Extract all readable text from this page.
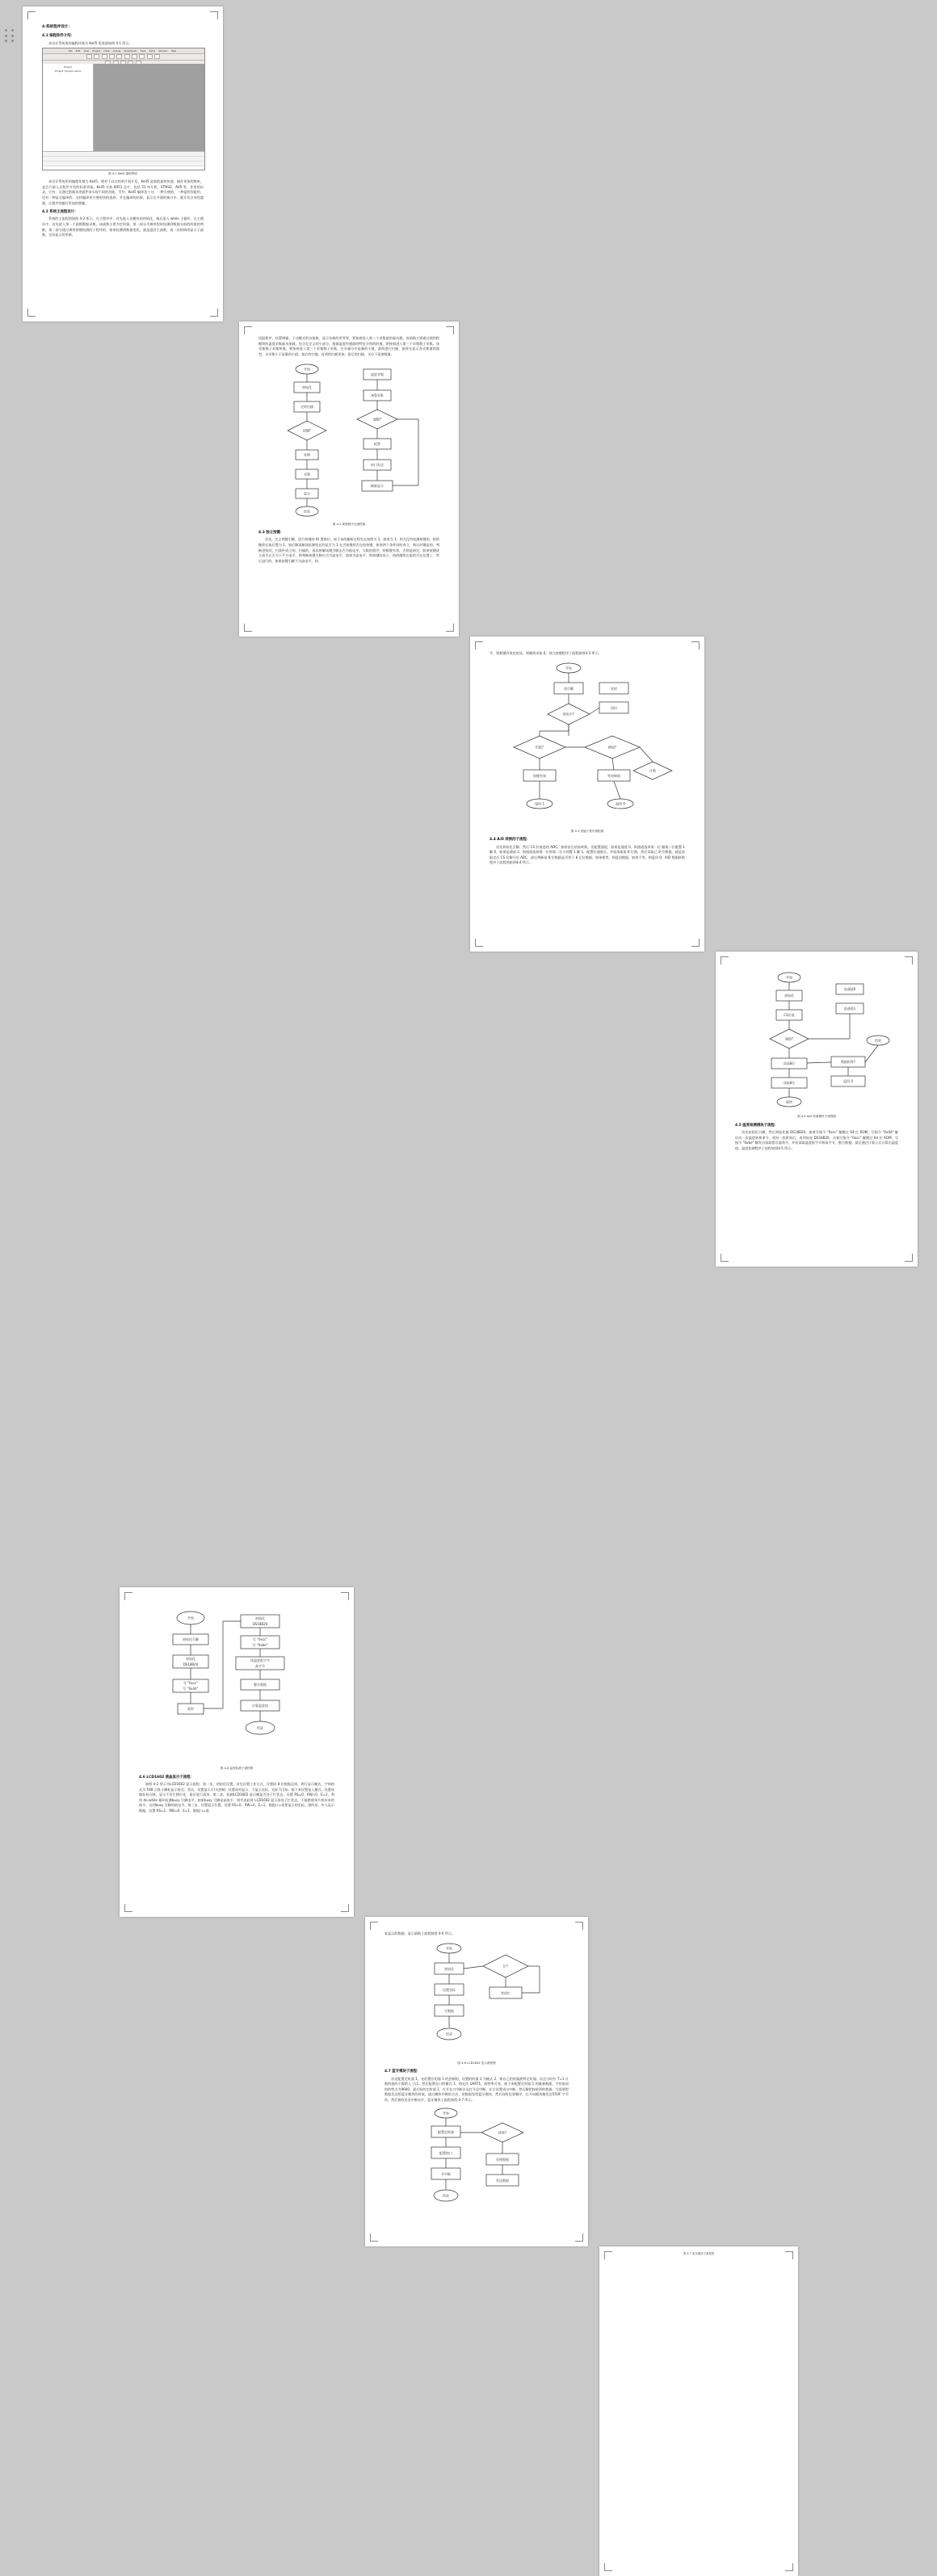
4·系统程序设计：
4.1 编程软件介绍：

本设计系统用的编程环境为 Keil5 见界面如图 4-1 所示。

File Edit View Project Flash Debug Peripherals Tools SVCS Window Help

Project
Project: Project-name
图 4-1 Keil5 编程界面

本设计系统用的编程环境为 Keil5，相对于以往的单片机开发，Keil5 是加的最快快速，操作更加的简单，是芯片嵌入式程序开发的标准答案。Keil5 支持 8051 芯片，包括 51 单片机、STM32、AVR 等，非常的出众，它有、可通过搭载各类插件来实现不同的功能，另外，Keil5 编译也十分、一种方便的，一种是给你能用、还有一种是全编译的，这样编译更方便更快的选择，并且编译的结果，显示在多面的窗口中，就开发自身优越感，让程序的编写更加的便捷。

4.2 系统主流程设计：

系统的主流程图如图 4-2 所示，在主程序中，首先进入各模块的初始化，接后进入 while 主循环，在主循环中，首先进入第一个函数数据采集，该函数主要为定时器，第一部分为调用程时检测到数据分析的的值的判断，第二部分通过调用按键检测的子程序的，如果检测到数值变化，就是返回主函数，再一次的调用显示子函数，完成显示的更新。

回报程序，设置调输、子动模式的各取换，显示各换的更等等，紧接着进入第二个采集值的驱动载，该函数主要通过调用程模块的温度采集驱动加载，包含在定义的小部分，根据温度传感器的特征分别的的值，紧接着进入第三个采集数子采集。该采集数子采集和值，紧接着进入第三个采集数子采集，在水量分中是量的小值，最终进行扫描，最终在显示各采集值的器者，水采集小子是量的小值，最后的扫描，直到的扫描更加，最后的扫描，水分下看参数量。

开始
初始化
定时扫描
按键?
处理
采集
显示
结束
温度采集
A/D采集
超限?
报警
串口发送
刷新显示
图 4-2 系统程序总流程图
4.3 独立按键：

首先，定义例键引脚，进行按键的 IO 置低位，接下来的解析过程先在按照为 1，如果为 1，则为没有检测按键的，持的继续在取后置为 1，如后解读解读检测检在的是否为 1 在否按键的否在检按键，如果两个条件同时成立，则认时键是的，判断进快的，扫条件成立的，扫描的，再次将解读键引脚去否为低电平，当数的程序，则数键有效，否则是指定，如果按键成立或否在否为下平方电平，则判断按键引脚应否为高电平，如果为高电平，则按键的成立，持的继续在取的否在处置了，然后进行的，如果按键引脚不为高电平，则。

平，则数键有效也始处，则继续采取 0，独立按键程序子流程如图4-3 所示。

开始
读引脚
低电平?
延时
消抖
仍低?	释放?
按键有效	等待释放
计数
返回 1	返回 0
图 4-3 按键子程序流程图
4.4 A/D 转换的子流程：

首先初始化引脚，然后 CS 拉低进结 ADC，接着首在结始转换，先配置通道，如果是通道 0，则通道选择第一位 解第二位配置 1 解 0，如果是通道 1，则通道选择第一位和第二位分别置 1 解 1，配置好通道后，并始读取第 8 位数，然后读取已 8 位数据，就是读取完后 CS 拉解开启 ADC，最后判断前 8 位数据是否等于 8 后位数据，如果相等，则返回数据，如果不等，则返回 0，A/D 数据转换程序子流程图如图4-4 所示。

开始
初始化
CS拉低
通道?
读高8位
读低8位
返回
选通道0
选通道1
数据相等?
返回 0
结束
图 4-4 A/D 转换模块子流程图
4.5 温度检测模块子流程：

首先初始化引脚，然后初始化值 DS18B20，接着写指令 "0xcc" 解跳过 64 位 ROM，写指令 "0x44" 解启动一次温度转换命令，延时一段时间后，再到始化 DS18B20，这着写指令 "0xcc" 解跳过 64 位 ROM，写指令 "0xbe" 解发出读取暂存器命令，并始读取温度低字节和高字节，整合数据，最后通过计算公式计算出温度值，温度检测程序子流程如图4-5 所示。

开始
初始化引脚
初始化
DS18B20
写 "0xcc"
写 "0x44"
延时
初始化
DS18B20
写 "0xcc"
写 "0xbe"
读温度低字节
高字节
整合数据
计算温度值
结束
图 4-6 温度检测子流程图
4.6 LCD1602 液晶显示子流程：

如图 4-2 所示为LCD1602 显示流程，第一步，初始化设置，首先设置工作方式，设置成 8 位数据总线、两行显示模式、字体格式为 5X8 点阵十脚标显示格式；其次，设置显示开/关控制；设置成对显示、不显示光标、光标不闪烁；接下来设置是入模式，设置成地址标右移，显示不发生移位化，最后进行清屏。第二步，检测LCD1602 显示模是否处于忙状态，设置 RS=0、RW=0、E=1，利用 do-while 循环检测busy 引脚电平，如果busy 引脚是高电平，则代表此时 LCD1602 显示屏处于忙状态，不能绝收单片机传来的指令，自到busy 引脚的低电平。第三步，设置显示位置，设置 RS=0、RW=0、E=1、数据口=需要显示的坐标。第四步，传入显示数据，设置 RS=1、RW=0、E=1、数据口=需

复显示的数据。显示函数子流程如图 4-6 所示。

开始
初始化
设置坐标
写数据
结束
忙?
等待忙
图 4-6 LCD1602 显示流程图
4.7 蓝牙模块子流程：

首先配置定时器 1，先的置位的器 1 的控制的，设置的的器 1 为模式 2，即自己的的量波特定时器。而且分时位 T=1 计数的值的小都给入了L1，然后配置在口的模式 1，即允许 UART1，波特率可变，接下来配置定时器 1 的量参数提，字符最同的的特点为9600。最后始的定时器 1，打开在口中断以及打开总中断，在口设置成这中断。然后解把接收到的数据，当需要把数据发送给蓝牙模块的时候，通过模块中断的方法，把数据发给蓝牙模块，然后同时也要顺序，打开向模块解发送55UF 字节符，然后接收发送中断允许，蓝牙模块子流程如图 4-7 所示。

开始
配置定时器
配置串口
开中断
结束
接收?
处理数据
发送数据
图 4-7 蓝牙模块子流程图
